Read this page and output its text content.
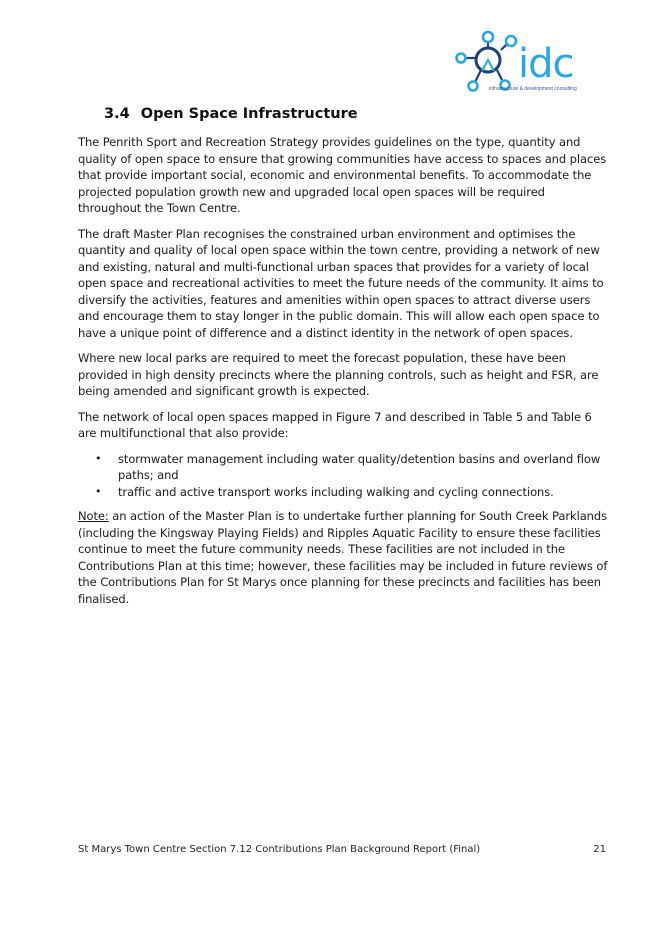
idc
infrastructure & development consulting
3.4 Open Space Infrastructure

The Penrith Sport and Recreation Strategy provides guidelines on the type, quantity and quality of open space to ensure that growing communities have access to spaces and places that provide important social, economic and environmental benefits. To accommodate the projected population growth new and upgraded local open spaces will be required throughout the Town Centre.

The draft Master Plan recognises the constrained urban environment and optimises the quantity and quality of local open space within the town centre, providing a network of new and existing, natural and multi-functional urban spaces that provides for a variety of local open space and recreational activities to meet the future needs of the community. It aims to diversify the activities, features and amenities within open spaces to attract diverse users and encourage them to stay longer in the public domain. This will allow each open space to have a unique point of difference and a distinct identity in the network of open spaces.

Where new local parks are required to meet the forecast population, these have been provided in high density precincts where the planning controls, such as height and FSR, are being amended and significant growth is expected.

The network of local open spaces mapped in Figure 7 and described in Table 5 and Table 6 are multifunctional that also provide:

• stormwater management including water quality/detention basins and overland flow paths; and
• traffic and active transport works including walking and cycling connections.

Note: an action of the Master Plan is to undertake further planning for South Creek Parklands (including the Kingsway Playing Fields) and Ripples Aquatic Facility to ensure these facilities continue to meet the future community needs. These facilities are not included in the Contributions Plan at this time; however, these facilities may be included in future reviews of the Contributions Plan for St Marys once planning for these precincts and facilities has been finalised.

St Marys Town Centre Section 7.12 Contributions Plan Background Report (Final)	21
